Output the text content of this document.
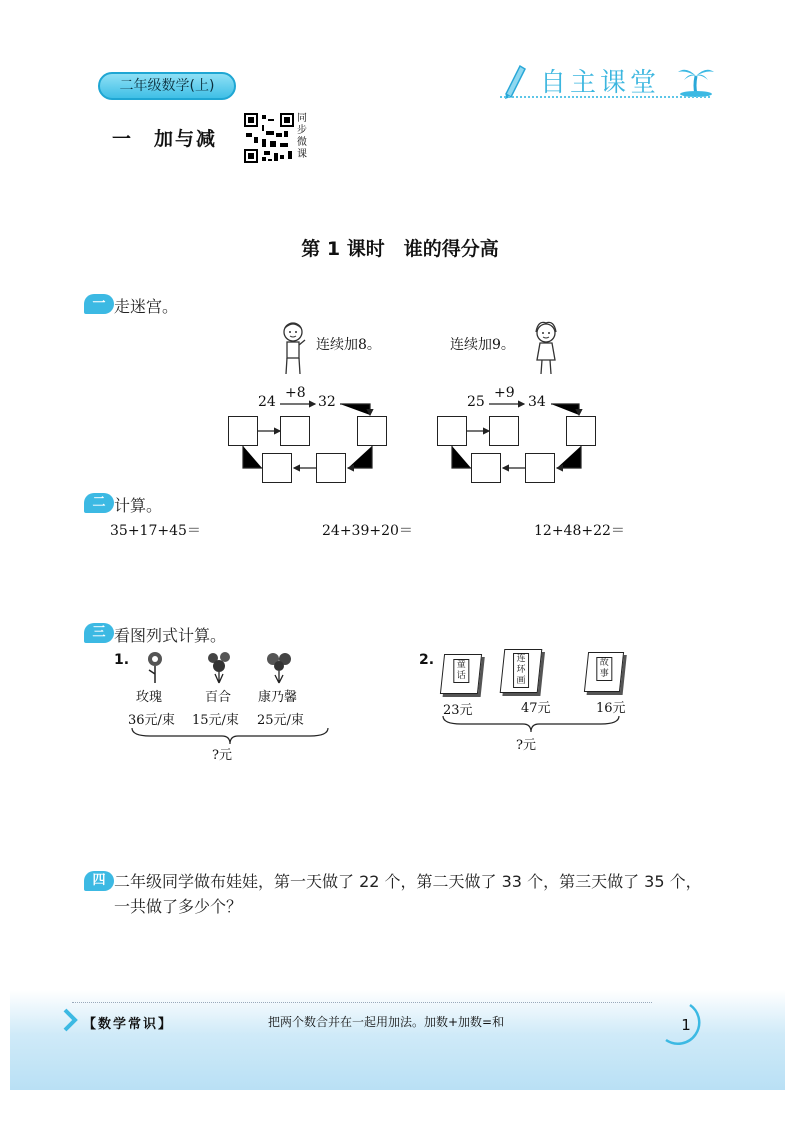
二年级数学(上)	自主课堂
一　加与减
同
步
微
课
第 1 课时　谁的得分高
一 走迷宫。
连续加8。
24
+8
32
连续加9。
25
+9
34
二 计算。
35+17+45＝	24+39+20＝	12+48+22＝
三 看图列式计算。
1.
玫瑰	百合 康乃馨
36元/束 15元/束 25元/束
?元
2.	童
话
连
环
画
故
事
23元	47元	16元
?元
四 二年级同学做布娃娃，第一天做了 22 个，第二天做了 33 个，第三天做了 35 个，
一共做了多少个？
【数学常识】	把两个数合并在一起用加法。加数+加数=和	1
